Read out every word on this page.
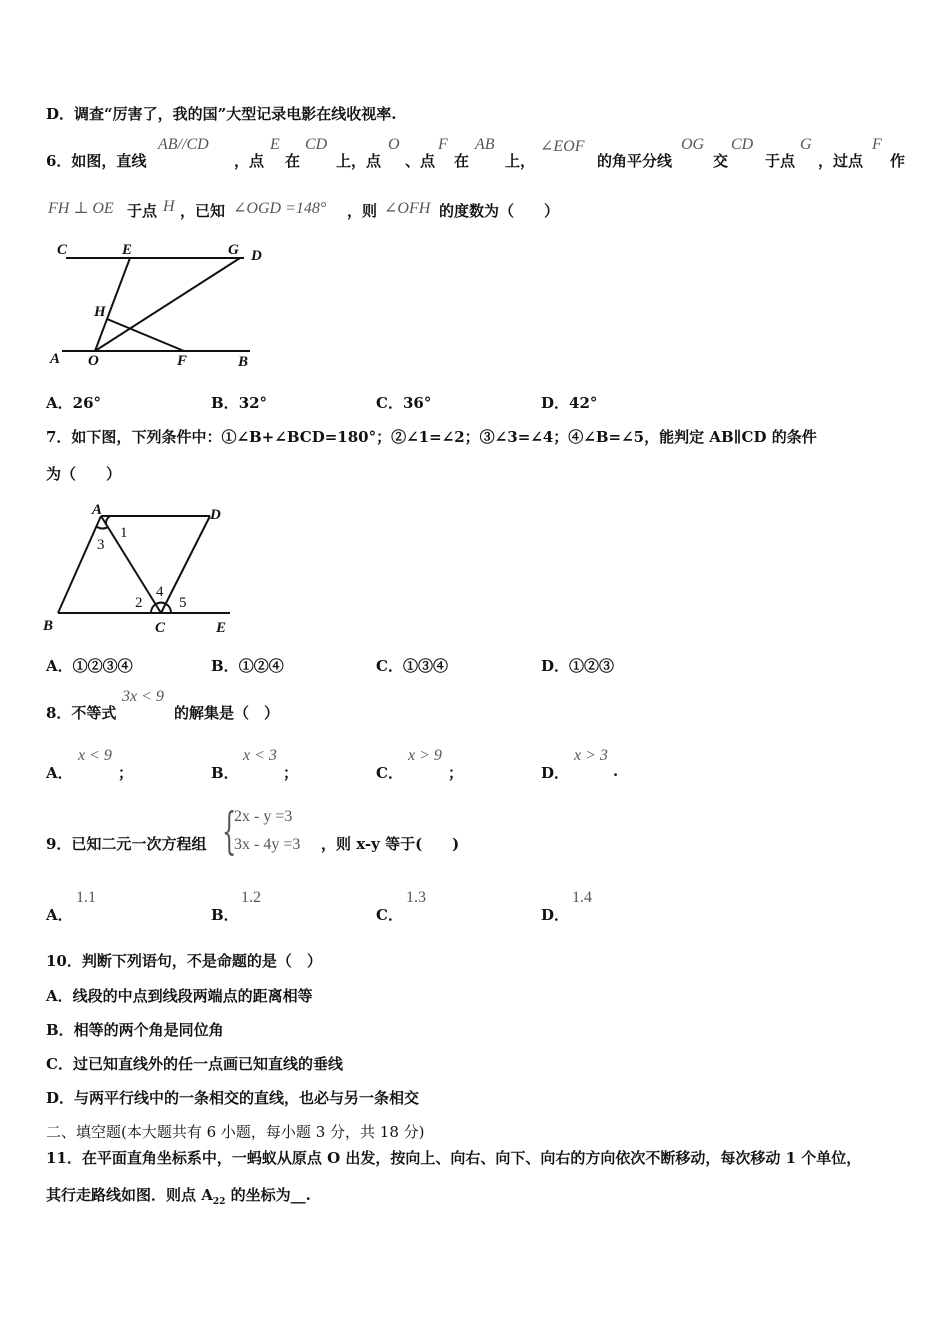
D．调查“厉害了，我的国”大型记录电影在线收视率.
6．如图，直线
AB//CD
，点
E
在
CD
上，点
O
、点
F
在
AB
上，
∠EOF
的角平分线
OG
交
CD
于点
G
，过点
F
作
FH ⊥ OE 于点 H ，已知 ∠OGD =148° ，则 ∠OFH 的度数为（　　）
C	E	G D
H
A O	F	B
A．26°	B．32°	C．36°	D．42°
7．如下图，下列条件中：①∠B+∠BCD=180°；②∠1=∠2；③∠3=∠4；④∠B=∠5，能判定 AB∥CD 的条件
为（　　）
A	D
B	C	E
1
3
2
4
5
A．①②③④	B．①②④	C．①③④	D．①②③
8．不等式
3x < 9
的解集是（　）
A．
x < 9
；	B．
x < 3
；	C．
x > 9
；	D．
x > 3
.
9．已知二元一次方程组 {
2x - y =3
3x - 4y =3 ，则 x-y 等于(　　)
A．
1.1
B．
1.2
C．
1.3
D．
1.4
10．判断下列语句，不是命题的是（　）
A．线段的中点到线段两端点的距离相等
B．相等的两个角是同位角
C．过已知直线外的任一点画已知直线的垂线
D．与两平行线中的一条相交的直线，也必与另一条相交
二、填空题(本大题共有 6 小题，每小题 3 分，共 18 分)
11．在平面直角坐标系中，一蚂蚁从原点 O 出发，按向上、向右、向下、向右的方向依次不断移动，每次移动 1 个单位，
其行走路线如图．则点 $A_{22}$ 的坐标为__.
